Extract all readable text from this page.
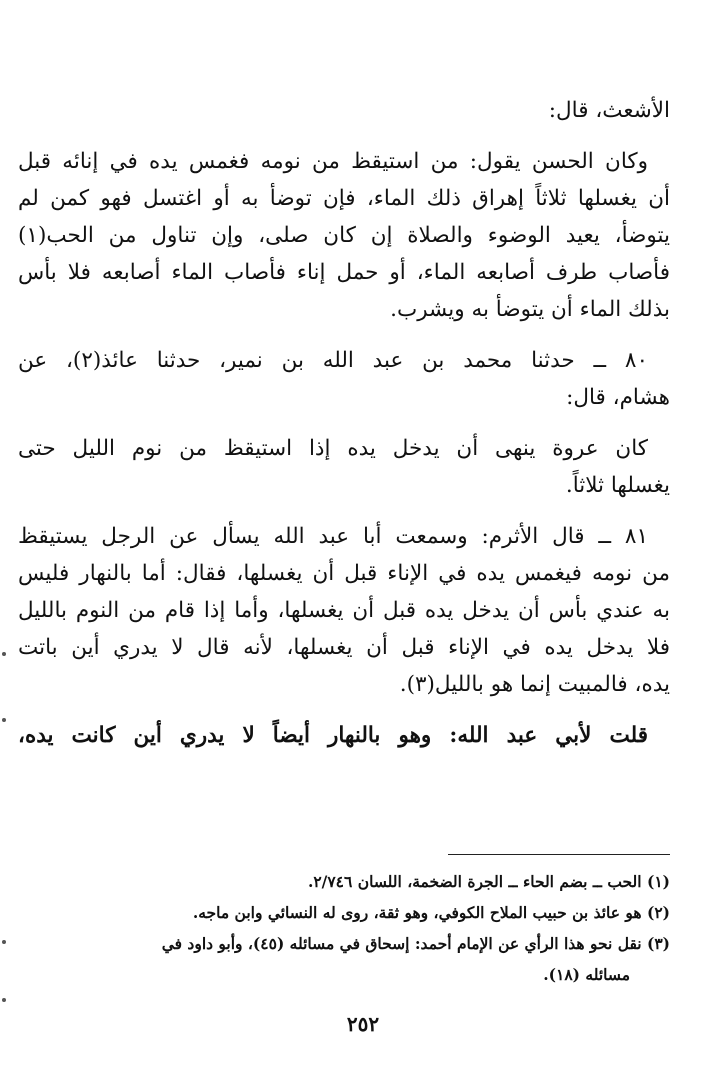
الأشعث، قال:
وكان الحسن يقول: من استيقظ من نومه فغمس يده في إنائه قبل
أن يغسلها ثلاثاً إهراق ذلك الماء، فإن توضأ به أو اغتسل فهو كمن لم
يتوضأ، يعيد الوضوء والصلاة إن كان صلى، وإن تناول من الحب(١)
فأصاب طرف أصابعه الماء، أو حمل إناء فأصاب الماء أصابعه فلا بأس
بذلك الماء أن يتوضأ به ويشرب.
٨٠ ــ حدثنا محمد بن عبد الله بن نمير، حدثنا عائذ(٢)، عن
هشام، قال:
كان عروة ينهى أن يدخل يده إذا استيقظ من نوم الليل حتى
يغسلها ثلاثاً.
٨١ ــ قال الأثرم: وسمعت أبا عبد الله يسأل عن الرجل يستيقظ
من نومه فيغمس يده في الإناء قبل أن يغسلها، فقال: أما بالنهار فليس
به عندي بأس أن يدخل يده قبل أن يغسلها، وأما إذا قام من النوم بالليل
فلا يدخل يده في الإناء قبل أن يغسلها، لأنه قال لا يدري أين باتت
يده، فالمبيت إنما هو بالليل(٣).
قلت لأبي عبد الله: وهو بالنهار أيضاً لا يدري أين كانت يده،
(١) الحب ــ بضم الحاء ــ الجرة الضخمة، اللسان ٢/٧٤٦.
(٢) هو عائذ بن حبيب الملاح الكوفي، وهو ثقة، روى له النسائي وابن ماجه.
(٣) نقل نحو هذا الرأي عن الإمام أحمد: إسحاق في مسائله (٤٥)، وأبو داود في
مسائله (١٨).
٢٥٢
